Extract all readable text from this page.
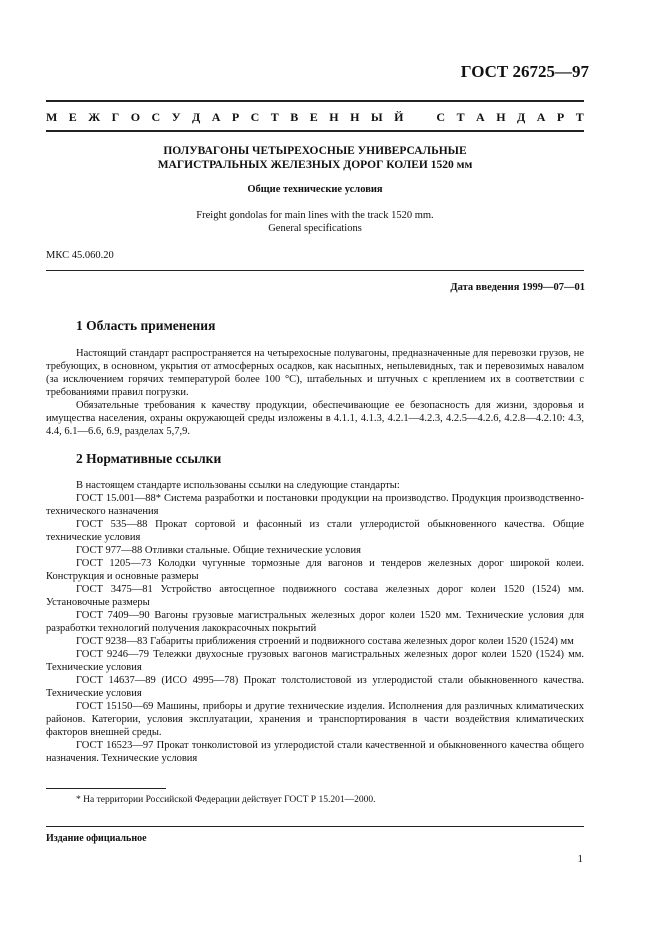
ГОСТ 26725—97
М Е Ж Г О С У Д А Р С Т В Е Н Н Ы Й	С Т А Н Д А Р Т
ПОЛУВАГОНЫ ЧЕТЫРЕХОСНЫЕ УНИВЕРСАЛЬНЫЕ
МАГИСТРАЛЬНЫХ ЖЕЛЕЗНЫХ ДОРОГ КОЛЕИ 1520 мм
Общие технические условия
Freight gondolas for main lines with the track 1520 mm.
General specifications
МКС 45.060.20
Дата введения 1999—07—01
1 Область применения

Настоящий стандарт распространяется на четырехосные полувагоны, предназначенные для перевозки грузов, не требующих, в основном, укрытия от атмосферных осадков, как насыпных, непылевидных, так и перевозимых навалом (за исключением горячих температурой более 100 °C), штабельных и штучных с креплением их в соответствии с требованиями правил погрузки.

Обязательные требования к качеству продукции, обеспечивающие ее безопасность для жизни, здоровья и имущества населения, охраны окружающей среды изложены в 4.1.1, 4.1.3, 4.2.1—4.2.3, 4.2.5—4.2.6, 4.2.8—4.2.10: 4.3, 4.4, 6.1—6.6, 6.9, разделах 5,7,9.

2 Нормативные ссылки

В настоящем стандарте использованы ссылки на следующие стандарты:

ГОСТ 15.001—88* Система разработки и постановки продукции на производство. Продукция производственно-технического назначения

ГОСТ 535—88 Прокат сортовой и фасонный из стали углеродистой обыкновенного качества. Общие технические условия

ГОСТ 977—88 Отливки стальные. Общие технические условия

ГОСТ 1205—73 Колодки чугунные тормозные для вагонов и тендеров железных дорог широкой колеи. Конструкция и основные размеры

ГОСТ 3475—81 Устройство автосцепное подвижного состава железных дорог колеи 1520 (1524) мм. Установочные размеры

ГОСТ 7409—90 Вагоны грузовые магистральных железных дорог колеи 1520 мм. Технические условия для разработки технологий получения лакокрасочных покрытий

ГОСТ 9238—83 Габариты приближения строений и подвижного состава железных дорог колеи 1520 (1524) мм

ГОСТ 9246—79 Тележки двухосные грузовых вагонов магистральных железных дорог колеи 1520 (1524) мм. Технические условия

ГОСТ 14637—89 (ИСО 4995—78) Прокат толстолистовой из углеродистой стали обыкновенного качества. Технические условия

ГОСТ 15150—69 Машины, приборы и другие технические изделия. Исполнения для различных климатических районов. Категории, условия эксплуатации, хранения и транспортирования в части воздействия климатических факторов внешней среды.

ГОСТ 16523—97 Прокат тонколистовой из углеродистой стали качественной и обыкновенного качества общего назначения. Технические условия

* На территории Российской Федерации действует ГОСТ Р 15.201—2000.
Издание официальное
1
